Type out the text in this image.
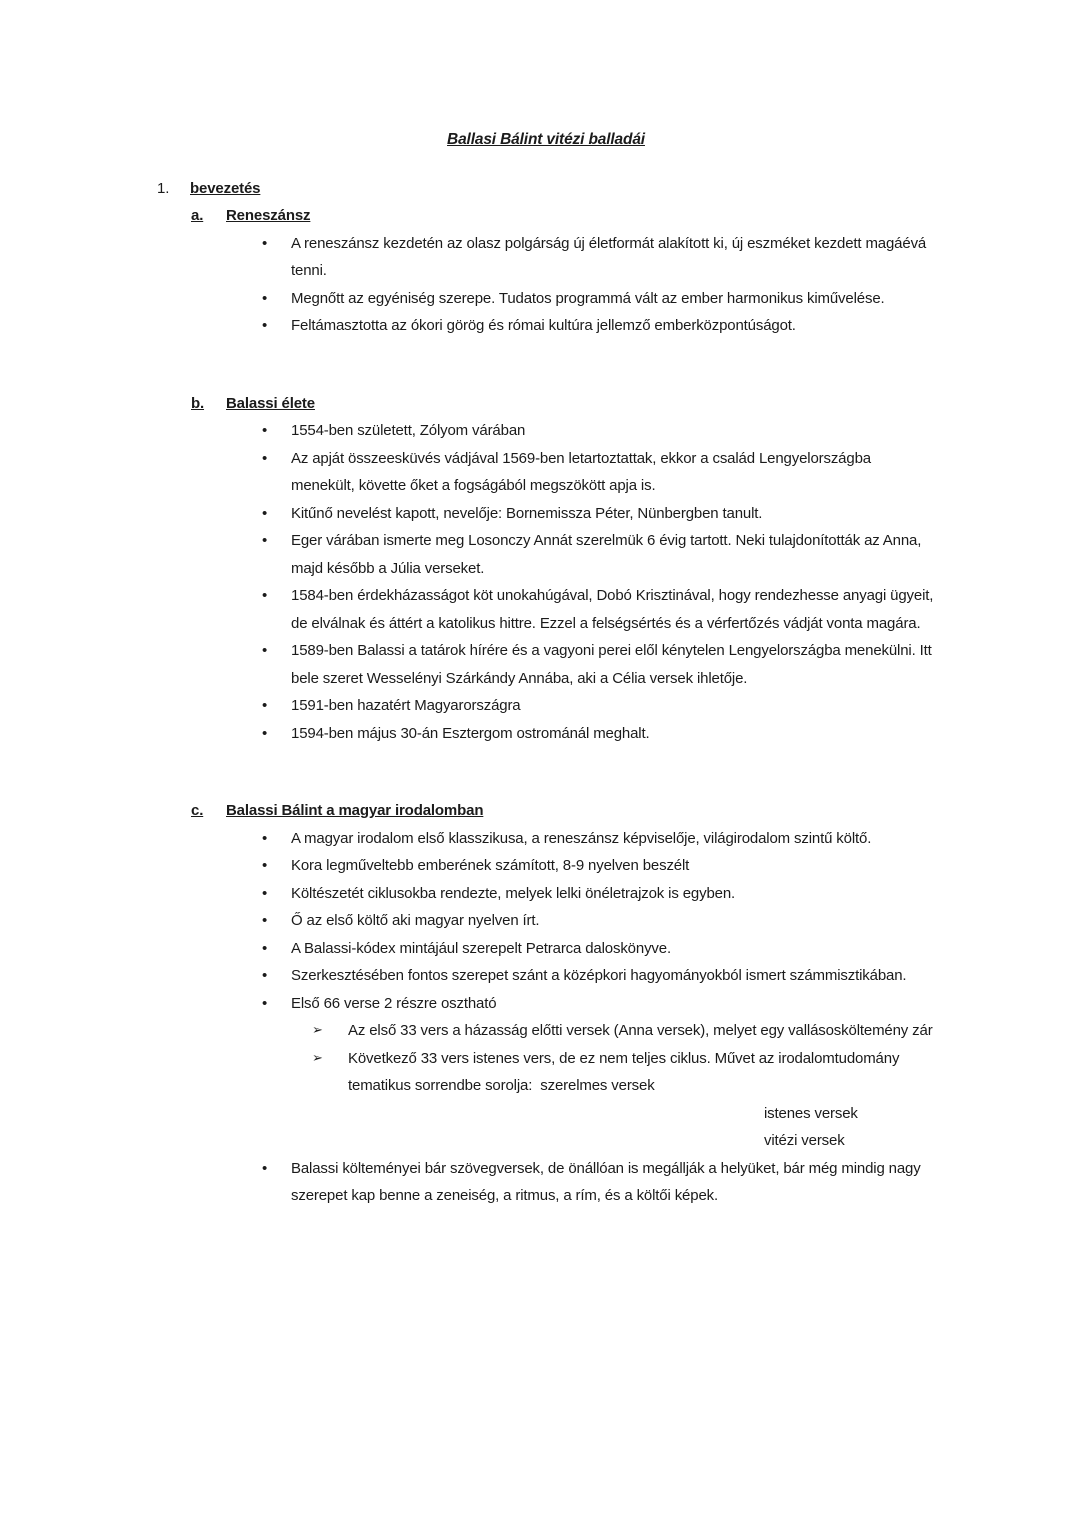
Ballasi Bálint vitézi balladái
1.	bevezetés
a.	Reneszánsz
•	A reneszánsz kezdetén az olasz polgárság új életformát alakított ki, új eszméket kezdett magáévá tenni.
•	Megnőtt az egyéniség szerepe. Tudatos programmá vált az ember harmonikus kiművelése.
•	Feltámasztotta az ókori görög és római kultúra jellemző emberközpontúságot.
b.	Balassi élete
•	1554-ben született, Zólyom várában
•	Az apját összeesküvés vádjával 1569-ben letartoztattak, ekkor a család Lengyelországba menekült, követte őket a fogságából megszökött apja is.
•	Kitűnő nevelést kapott, nevelője: Bornemissza Péter, Nünbergben tanult.
•	Eger várában ismerte meg Losonczy Annát szerelmük 6 évig tartott. Neki tulajdonították az Anna, majd később a Júlia verseket.
•	1584-ben érdekházasságot köt unokahúgával, Dobó Krisztinával, hogy rendezhesse anyagi ügyeit, de elválnak és áttért a katolikus hittre. Ezzel a felségsértés és a vérfertőzés vádját vonta magára.
•	1589-ben Balassi a tatárok hírére és a vagyoni perei elől kénytelen Lengyelországba menekülni. Itt bele szeret Wesselényi Szárkándy Annába, aki a Célia versek ihletője.
•	1591-ben hazatért Magyarországra
•	1594-ben május 30-án Esztergom ostrománál meghalt.
c.	Balassi Bálint a magyar irodalomban
•	A magyar irodalom első klasszikusa, a reneszánsz képviselője, világirodalom szintű költő.
•	Kora legműveltebb emberének számított, 8-9 nyelven beszélt
•	Költészetét ciklusokba rendezte, melyek lelki önéletrajzok is egyben.
•	Ő az első költő aki magyar nyelven írt.
•	A Balassi-kódex mintájául szerepelt Petrarca daloskönyve.
•	Szerkesztésében fontos szerepet szánt a középkori hagyományokból ismert számmisztikában.
•	Első 66 verse 2 részre osztható
➢	Az első 33 vers a házasság előtti versek (Anna versek), melyet egy vallásosköltemény zár
➢	Következő 33 vers istenes vers, de ez nem teljes ciklus. Művet az irodalomtudomány tematikus sorrendbe sorolja:  szerelmes versek
istenes versek
vitézi versek
•	Balassi költeményei bár szövegversek, de önállóan is megállják a helyüket, bár még mindig nagy szerepet kap benne a zeneiség, a ritmus, a rím, és a költői képek.
